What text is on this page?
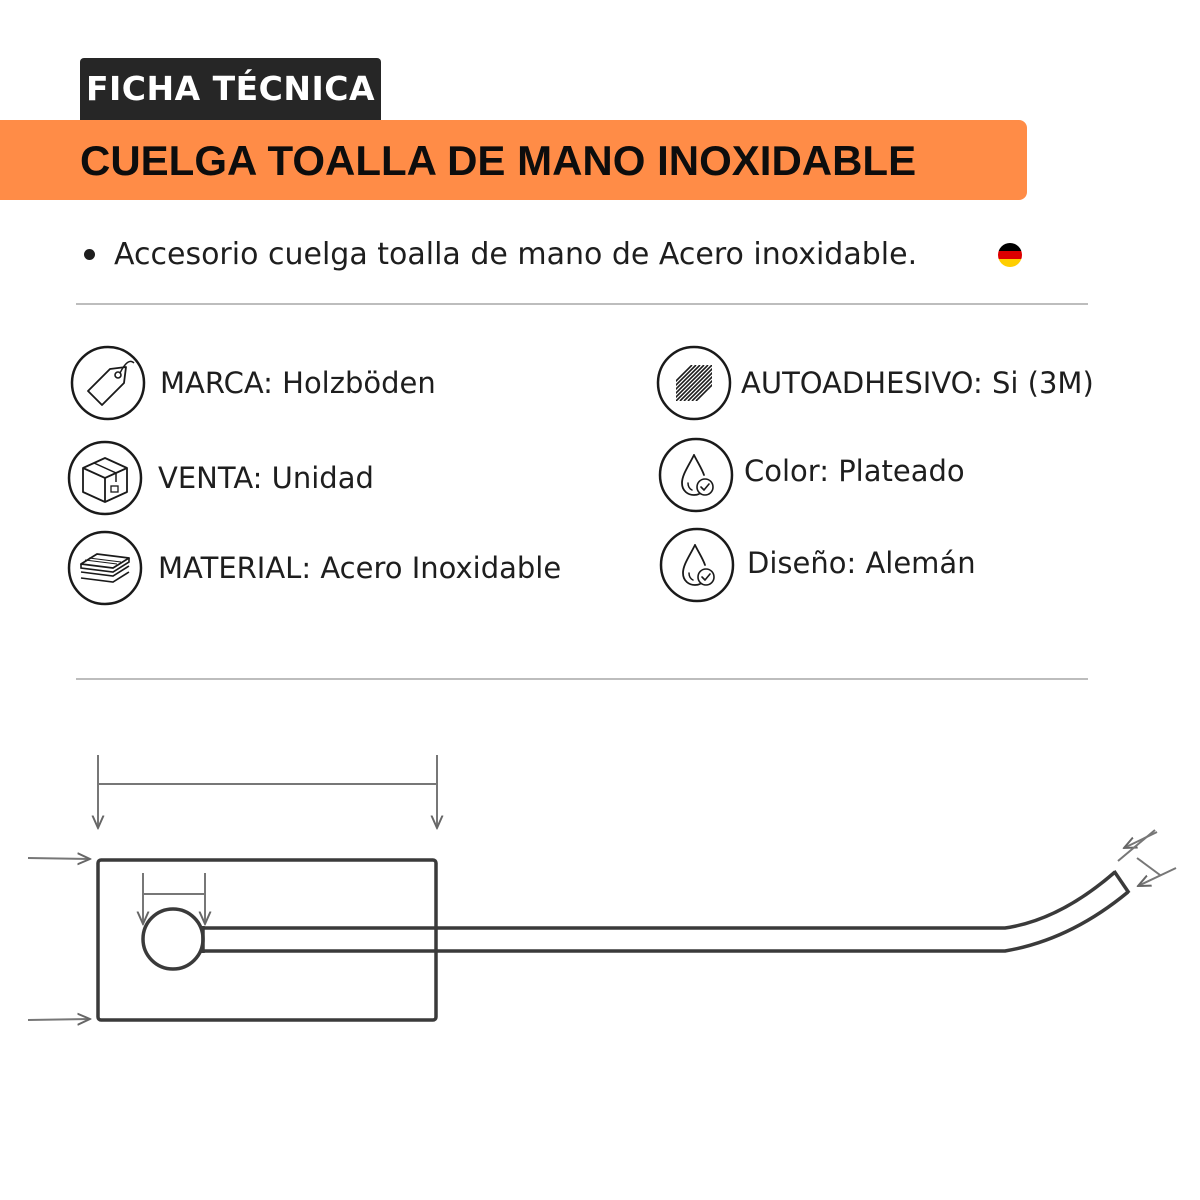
FICHA TÉCNICA
CUELGA TOALLA DE MANO INOXIDABLE
Accesorio cuelga toalla de mano de Acero inoxidable.
MARCA: Holzböden
VENTA: Unidad
MATERIAL: Acero Inoxidable
AUTOADHESIVO: Si (3M)
Color: Plateado
Diseño: Alemán
